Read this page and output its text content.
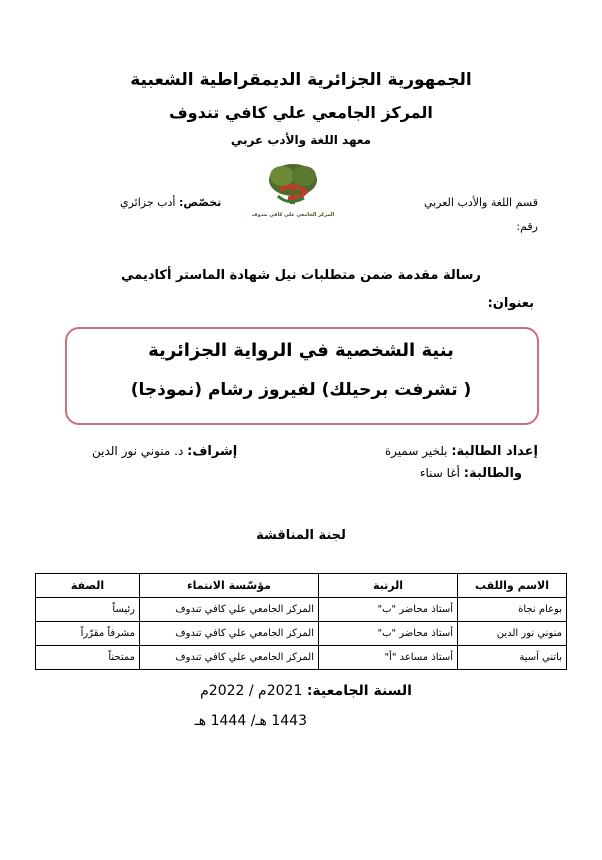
الجمهورية الجزائرية الديمقراطية الشعبية
المركز الجامعي علي كافي تندوف
معهد اللغة والأدب عربي
المركز الجامعي علي كافي تندوف
قسم اللغة والأدب العربي
رقم:
تخصّص: أدب جزائري
رسالة مقدمة ضمن متطلبات نيل شهادة الماستر أكاديمي
بعنوان:
بنية الشخصية في الرواية الجزائرية
( تشرفت برحيلك) لفيروز رشام (نموذجا)
إعداد الطالبة: بلخير سميرة
إشراف: د. منوني نور الدين
والطالبة: أغا سناء
لجنة المناقشة
الاسم واللقب	الرتبة	مؤسّسة الانتماء	الصفة
بوعام نجاة	أستاذ محاضر "ب"	المركز الجامعي علي كافي تندوف	رئيساً
منوني نور الدين	أستاذ محاضر "ب"	المركز الجامعي علي كافي تندوف	مشرفاً مقرّراً
باتني آسية	أستاذ مساعد "أ"	المركز الجامعي علي كافي تندوف	ممتحناً
السنة الجامعية: 2021م / 2022م
1443 هـ/ 1444 هـ
